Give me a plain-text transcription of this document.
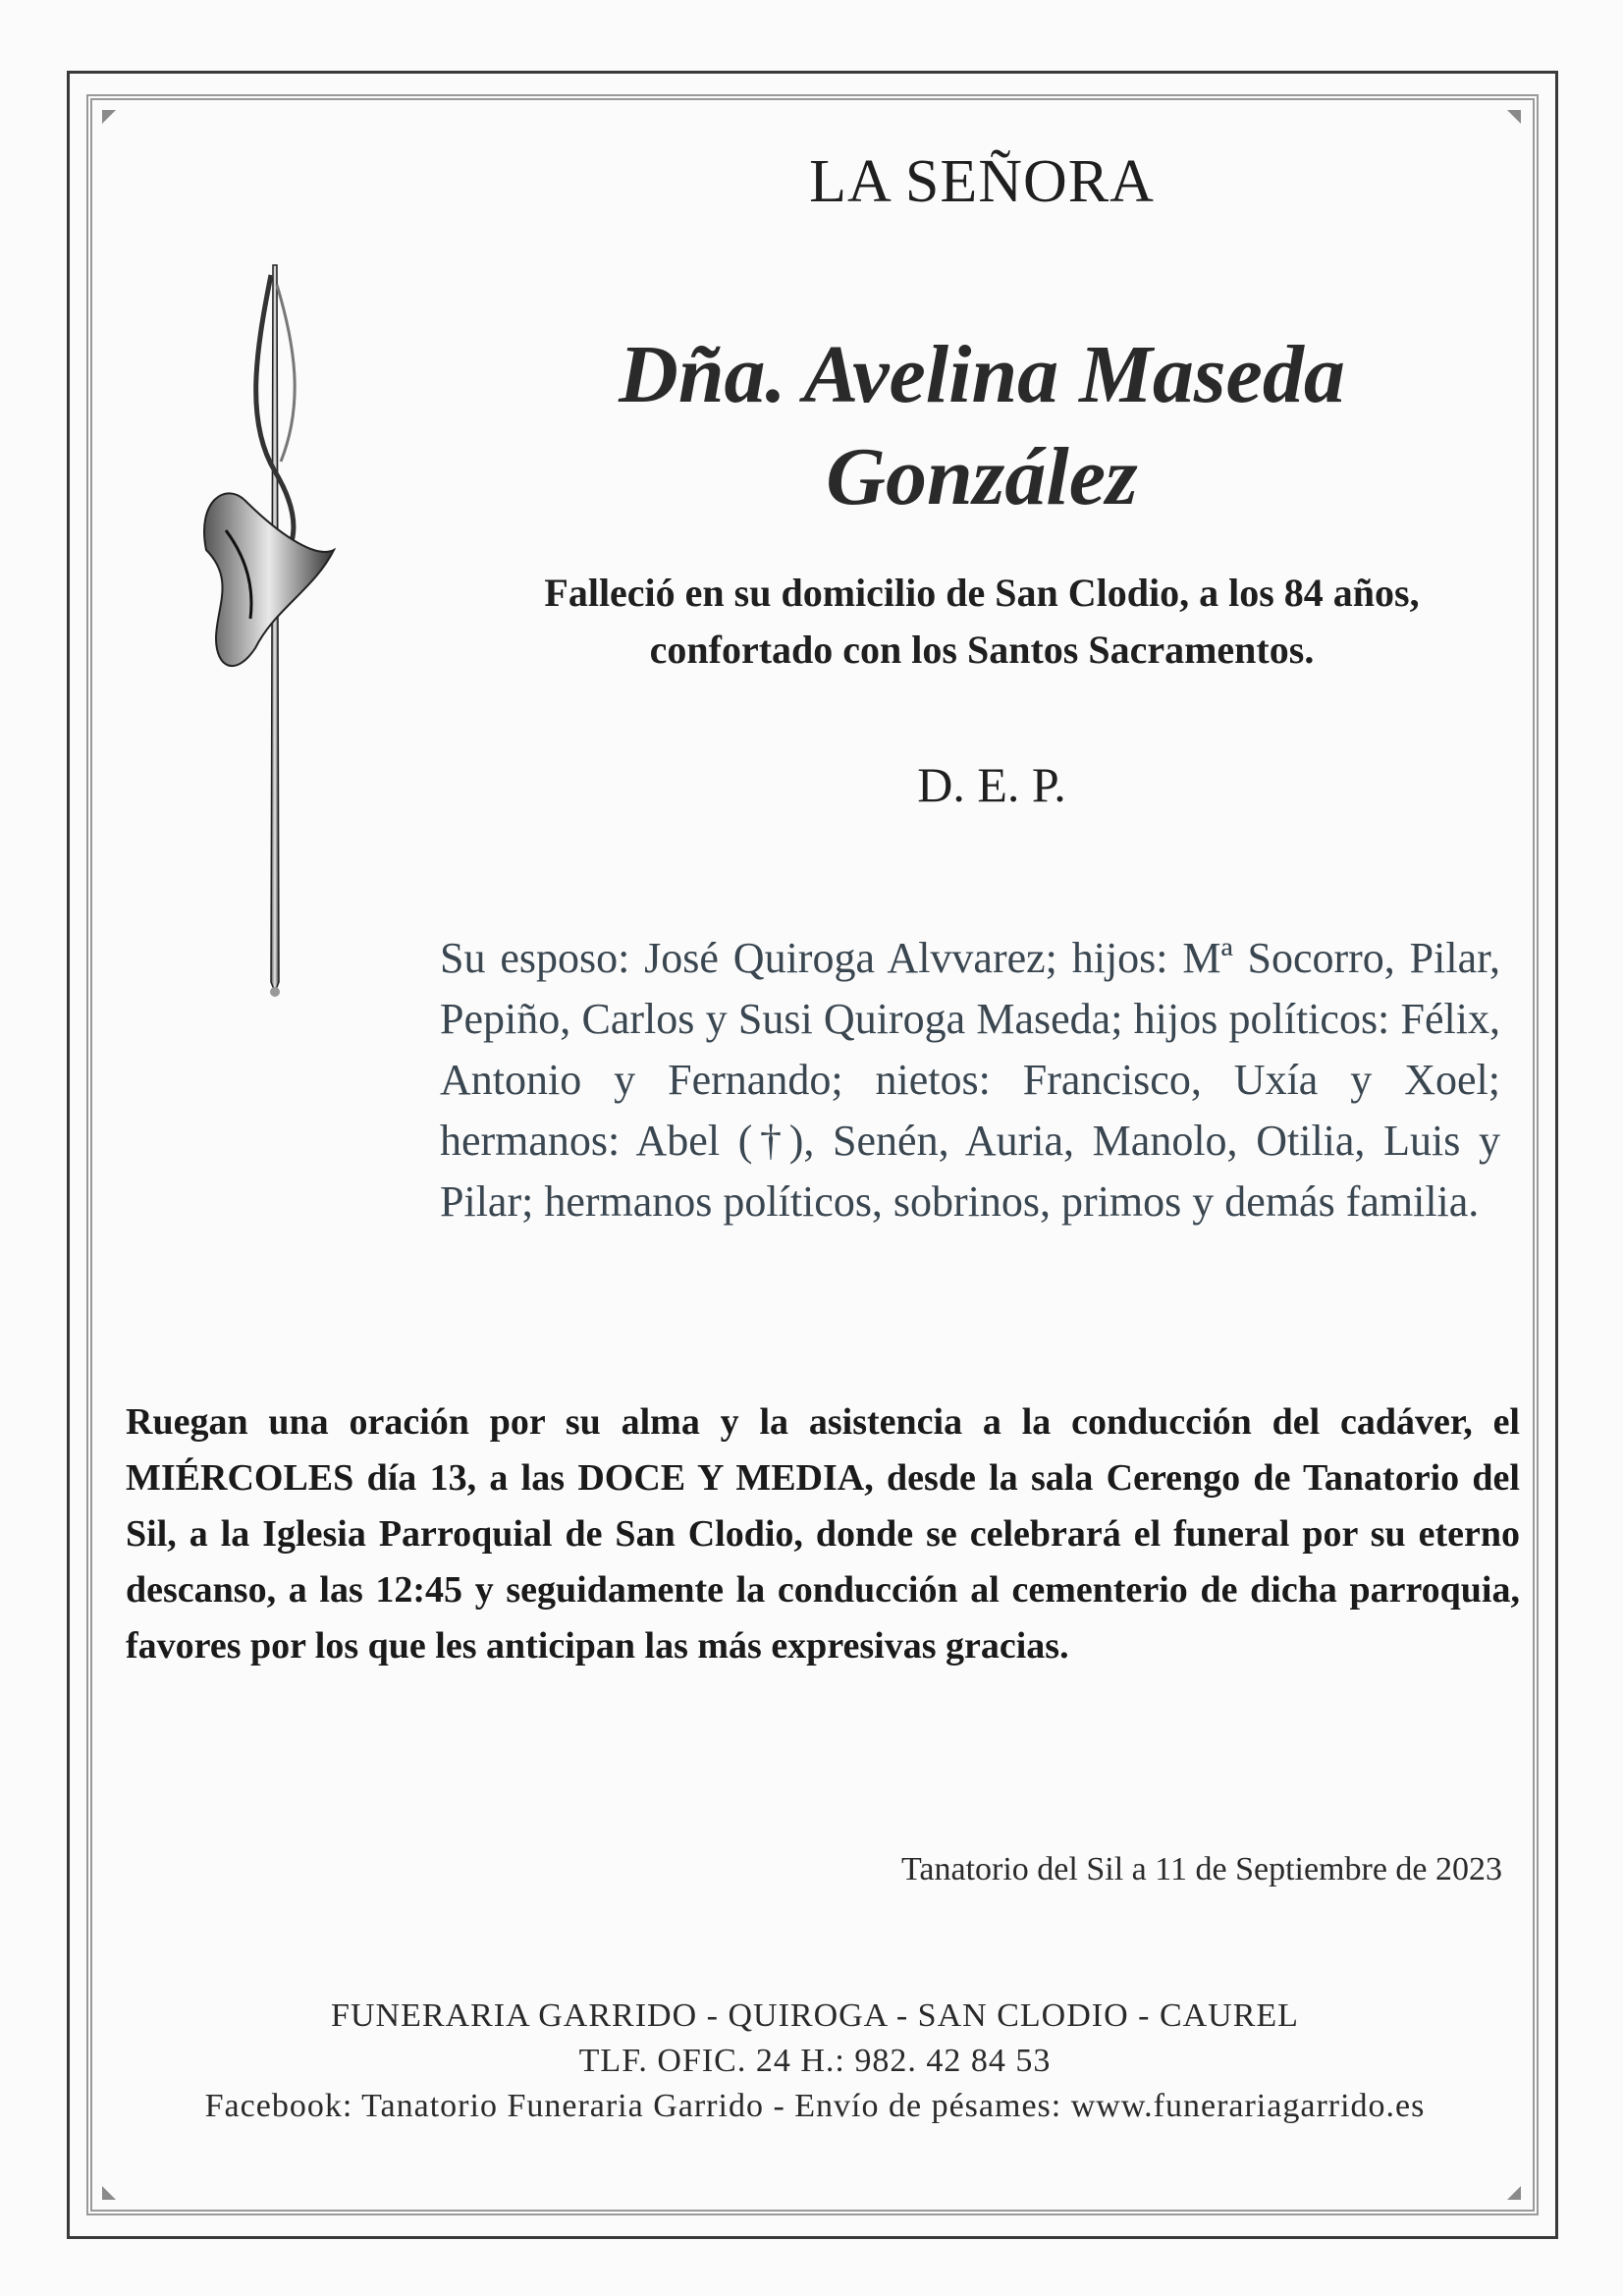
LA SEÑORA
Dña. Avelina Maseda
González
Falleció en su domicilio de San Clodio, a los 84 años,
confortado con los Santos Sacramentos.
D. E. P.
Su esposo: José Quiroga Alvvarez; hijos: Mª Socorro, Pilar, Pepiño, Carlos y Susi Quiroga Maseda; hijos políticos: Félix, Antonio y Fernando; nietos: Francisco, Uxía y Xoel; hermanos: Abel (†), Senén, Auria, Manolo, Otilia, Luis y Pilar; hermanos políticos, sobrinos, primos y demás familia.
Ruegan una oración por su alma y la asistencia a la conducción del cadáver, el MIÉRCOLES día 13, a las DOCE Y MEDIA, desde la sala Cerengo de Tanatorio del Sil, a la Iglesia Parroquial de San Clodio, donde se celebrará el funeral por su eterno descanso, a las 12:45 y seguidamente la conducción al cementerio de dicha parroquia, favores por los que les anticipan las más expresivas gracias.
Tanatorio del Sil a 11 de Septiembre de 2023
FUNERARIA GARRIDO - QUIROGA - SAN CLODIO - CAUREL
TLF. OFIC. 24 H.: 982. 42 84 53
Facebook: Tanatorio Funeraria Garrido - Envío de pésames: www.funerariagarrido.es
